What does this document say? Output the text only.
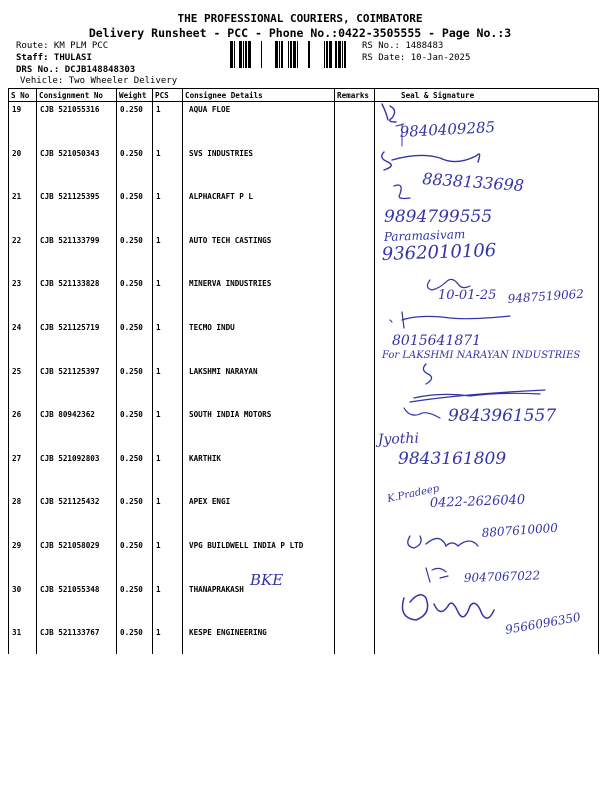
THE PROFESSIONAL COURIERS, COIMBATORE
Delivery Runsheet - PCC - Phone No.:0422-3505555 - Page No.:3
Route: KM PLM PCC
Staff: THULASI
DRS No.: DCJB148848303
Vehicle: Two Wheeler Delivery
RS No.: 1488483
RS Date: 10-Jan-2025
S No	Consignment No	Weight	PCS	Consignee Details	Remarks	Seal & Signature
19	CJB 521055316	0.250	1	AQUA FLOE		
20	CJB 521050343	0.250	1	SVS INDUSTRIES		
21	CJB 521125395	0.250	1	ALPHACRAFT P L		
22	CJB 521133799	0.250	1	AUTO TECH CASTINGS		
23	CJB 521133828	0.250	1	MINERVA INDUSTRIES		
24	CJB 521125719	0.250	1	TECMO INDU		
25	CJB 521125397	0.250	1	LAKSHMI NARAYAN		
26	CJB 80942362	0.250	1	SOUTH INDIA MOTORS		
27	CJB 521092803	0.250	1	KARTHIK		
28	CJB 521125432	0.250	1	APEX ENGI		
29	CJB 521058029	0.250	1	VPG BUILDWELL INDIA P LTD		
30	CJB 521055348	0.250	1	THANAPRAKASH		
31	CJB 521133767	0.250	1	KESPE ENGINEERING		
9840409285
8838133698
9894799555
Paramasivam
9362010106
10-01-25 9487519062
8015641871
For LAKSHMI NARAYAN INDUSTRIES
9843961557
Jyothi
9843161809
K.Pradeep
0422-2626040
8807610000
BKE	9047067022
9566096350
